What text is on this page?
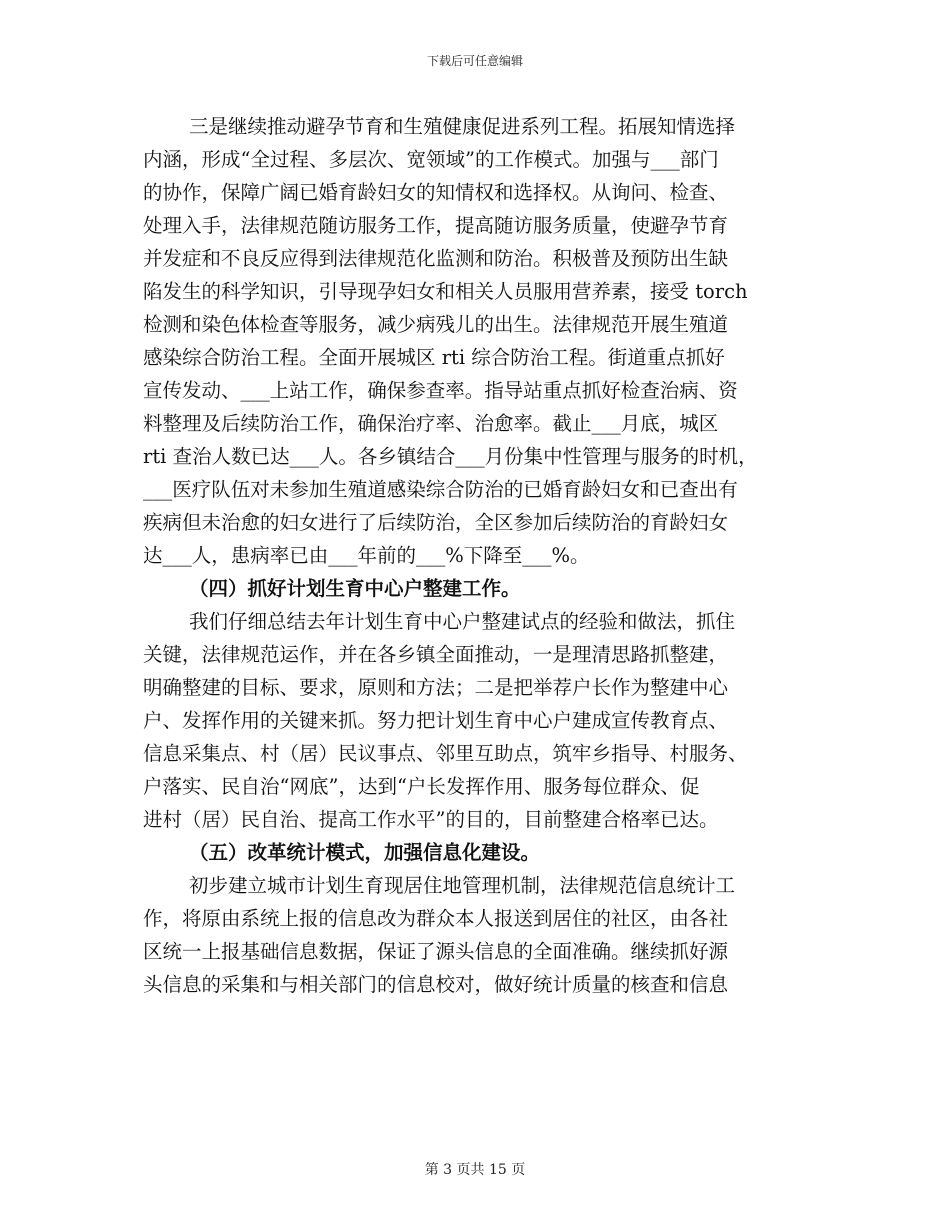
下载后可任意编辑
三是继续推动避孕节育和生殖健康促进系列工程。拓展知情选择
内涵，形成“全过程、多层次、宽领域”的工作模式。加强与___部门
的协作，保障广阔已婚育龄妇女的知情权和选择权。从询问、检查、
处理入手，法律规范随访服务工作，提高随访服务质量，使避孕节育
并发症和不良反应得到法律规范化监测和防治。积极普及预防出生缺
陷发生的科学知识，引导现孕妇女和相关人员服用营养素，接受 torch
检测和染色体检查等服务，减少病残儿的出生。法律规范开展生殖道
感染综合防治工程。全面开展城区 rti 综合防治工程。街道重点抓好
宣传发动、___上站工作，确保参查率。指导站重点抓好检查治病、资
料整理及后续防治工作，确保治疗率、治愈率。截止___月底，城区
rti 查治人数已达___人。各乡镇结合___月份集中性管理与服务的时机，
___医疗队伍对未参加生殖道感染综合防治的已婚育龄妇女和已查出有
疾病但未治愈的妇女进行了后续防治，全区参加后续防治的育龄妇女
达___人，患病率已由___年前的___%下降至___%。
（四）抓好计划生育中心户整建工作。
我们仔细总结去年计划生育中心户整建试点的经验和做法，抓住
关键，法律规范运作，并在各乡镇全面推动，一是理清思路抓整建，
明确整建的目标、要求，原则和方法；二是把举荐户长作为整建中心
户、发挥作用的关键来抓。努力把计划生育中心户建成宣传教育点、
信息采集点、村（居）民议事点、邻里互助点，筑牢乡指导、村服务、
户落实、民自治“网底”，达到“户长发挥作用、服务每位群众、促
进村（居）民自治、提高工作水平”的目的，目前整建合格率已达。
（五）改革统计模式，加强信息化建设。
初步建立城市计划生育现居住地管理机制，法律规范信息统计工
作，将原由系统上报的信息改为群众本人报送到居住的社区，由各社
区统一上报基础信息数据，保证了源头信息的全面准确。继续抓好源
头信息的采集和与相关部门的信息校对，做好统计质量的核查和信息
第 3 页共 15 页
